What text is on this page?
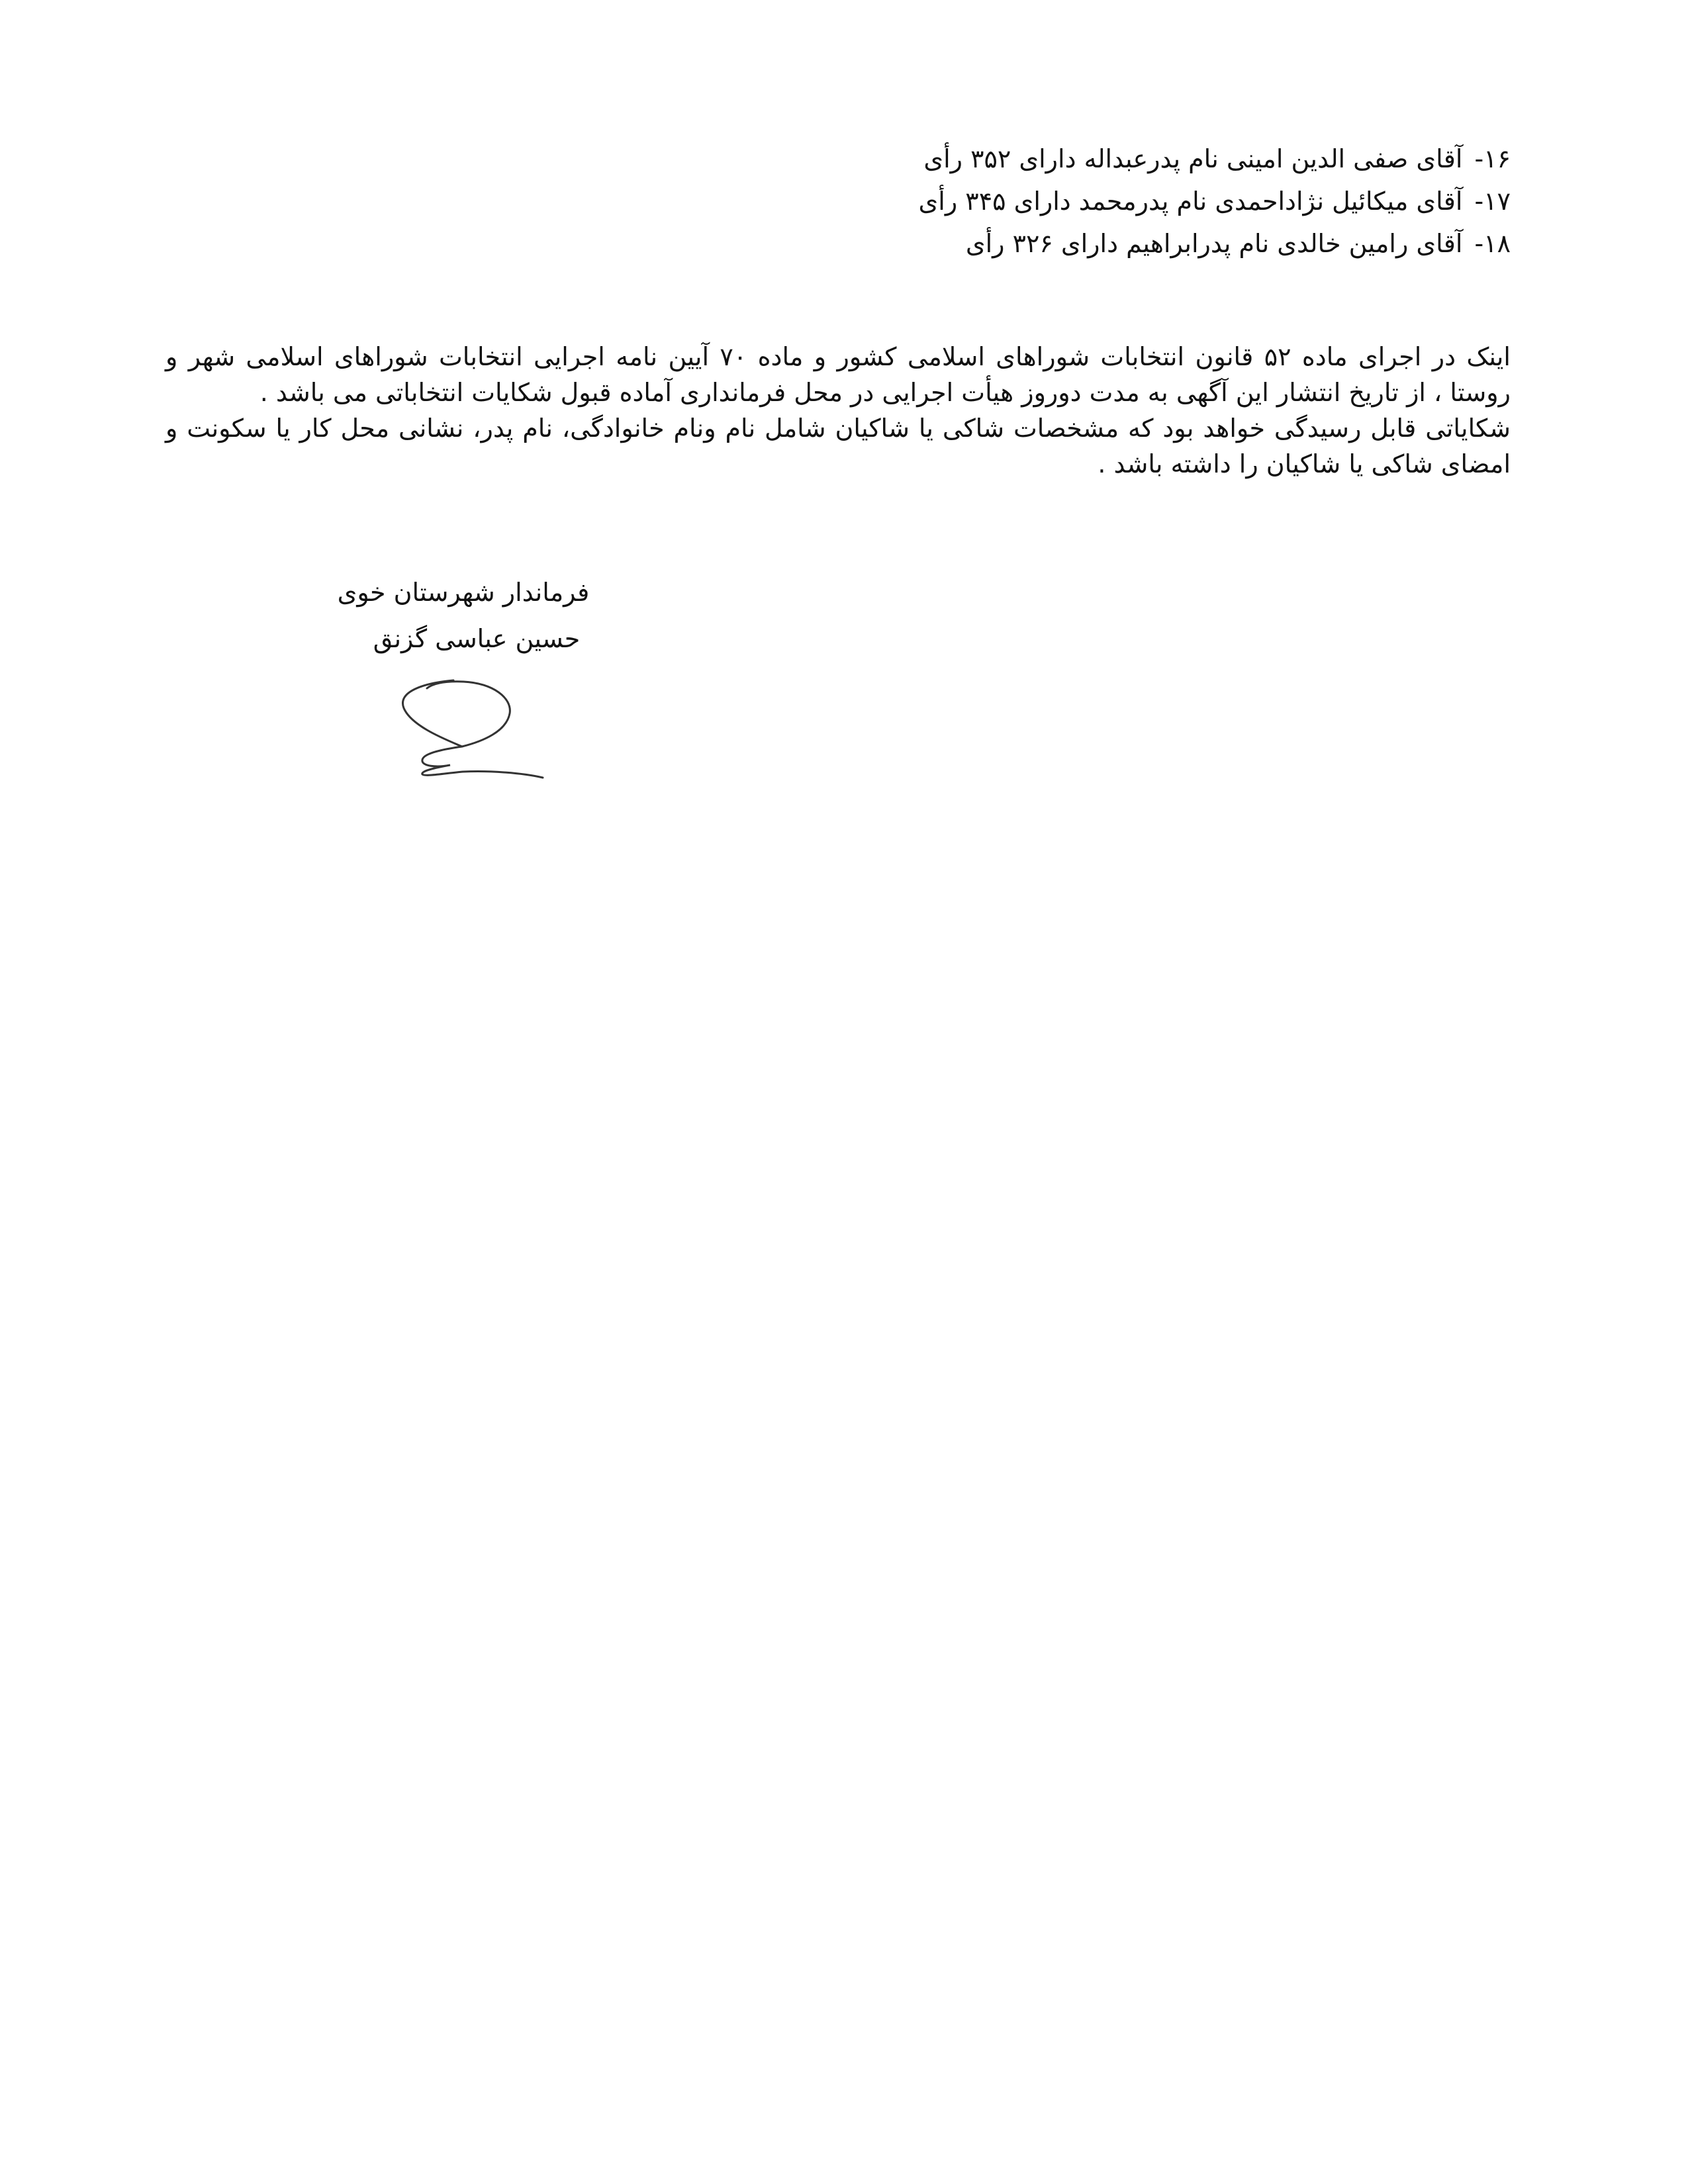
۱۶-آقای صفی الدین امینی نام پدرعبداله دارای ۳۵۲ رأی
۱۷-آقای میکائیل نژاداحمدی نام پدرمحمد دارای ۳۴۵ رأی
۱۸-آقای رامین خالدی نام پدرابراهیم دارای ۳۲۶ رأی

اینک در اجرای ماده ۵۲ قانون انتخابات شوراهای اسلامی کشور و ماده ۷۰ آیین نامه اجرایی انتخابات شوراهای اسلامی شهر و روستا ، از تاریخ انتشار این آگهی به مدت دوروز هیأت اجرایی در محل فرمانداری آماده قبول شکایات انتخاباتی می باشد .

شکایاتی قابل رسیدگی خواهد بود که مشخصات شاکی یا شاکیان شامل نام ونام خانوادگی، نام پدر، نشانی محل کار یا سکونت و امضای شاکی یا شاکیان را داشته باشد .

فرماندار شهرستان خوی
حسین عباسی گزنق
